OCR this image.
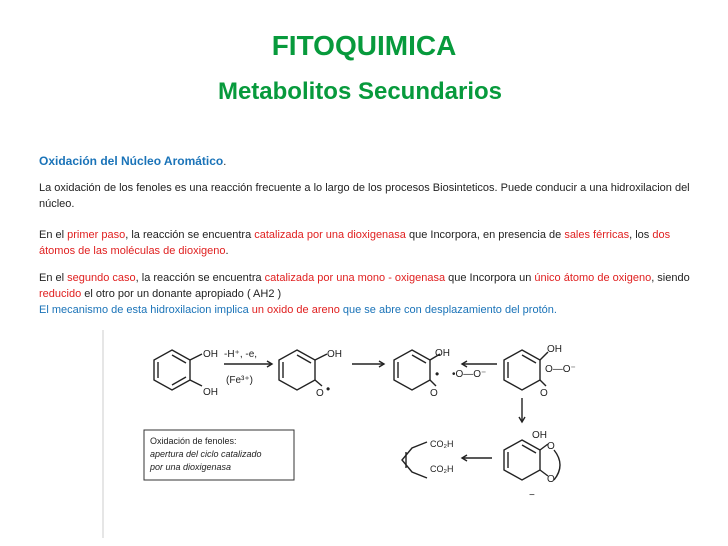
FITOQUIMICA
Metabolitos Secundarios
Oxidación del Núcleo Aromático.
La oxidación de los fenoles es una reacción frecuente a lo largo de los procesos Biosinteticos. Puede conducir a una hidroxilacion del núcleo.
En el primer paso, la reacción se encuentra catalizada por una dioxigenasa que Incorpora, en presencia de sales férricas, los dos átomos de las moléculas de dioxigeno.
En el segundo caso, la reacción se encuentra catalizada por una mono - oxigenasa que Incorpora un único átomo de oxigeno, siendo reducido el otro por un donante apropiado ( AH2 )
El mecanismo de esta hidroxilacion implica un oxido de areno que se abre con desplazamiento del protón.
OH
OH
-H⁺, -e,
(Fe³⁺)
OH
O •
OH
•
O
•O—O⁻
OH
O—O⁻
O
OH
O
O
−
CO₂H
CO₂H
Oxidación de fenoles:
apertura del ciclo catalizado
por una dioxigenasa
